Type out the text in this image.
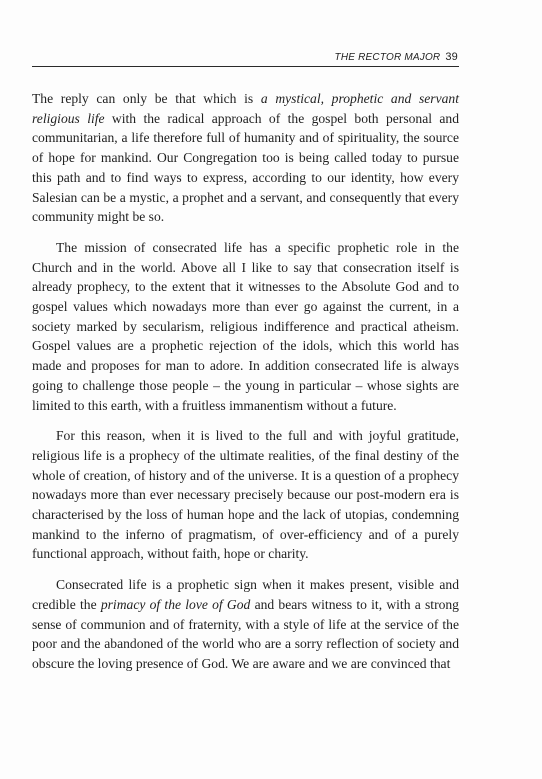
THE RECTOR MAJOR 39

The reply can only be that which is a mystical, prophetic and servant religious life with the radical approach of the gospel both personal and communitarian, a life therefore full of humanity and of spirituality, the source of hope for mankind. Our Congregation too is being called today to pursue this path and to find ways to express, according to our identity, how every Salesian can be a mystic, a prophet and a servant, and consequently that every community might be so.

The mission of consecrated life has a specific prophetic role in the Church and in the world. Above all I like to say that consecration itself is already prophecy, to the extent that it witnesses to the Absolute God and to gospel values which nowadays more than ever go against the current, in a society marked by secularism, religious indifference and practical atheism. Gospel values are a prophetic rejection of the idols, which this world has made and proposes for man to adore. In addition consecrated life is always going to challenge those people – the young in particular – whose sights are limited to this earth, with a fruitless immanentism without a future.

For this reason, when it is lived to the full and with joyful gratitude, religious life is a prophecy of the ultimate realities, of the final destiny of the whole of creation, of history and of the universe. It is a question of a prophecy nowadays more than ever necessary precisely because our post-modern era is characterised by the loss of human hope and the lack of utopias, condemning mankind to the inferno of pragmatism, of over-efficiency and of a purely functional approach, without faith, hope or charity.

Consecrated life is a prophetic sign when it makes present, visible and credible the primacy of the love of God and bears witness to it, with a strong sense of communion and of fraternity, with a style of life at the service of the poor and the abandoned of the world who are a sorry reflection of society and obscure the loving presence of God. We are aware and we are convinced that
